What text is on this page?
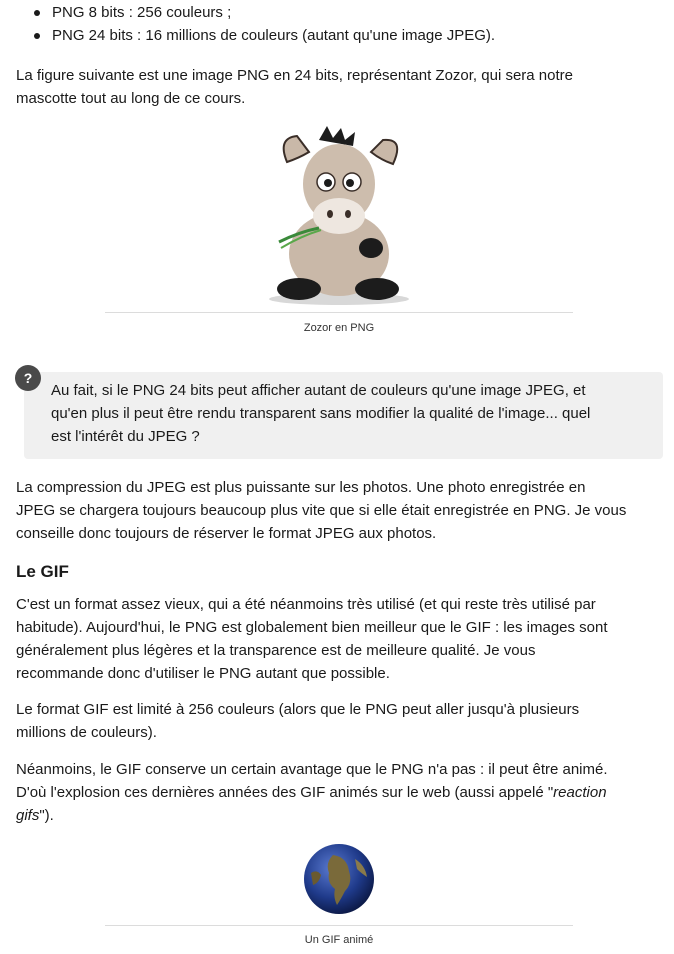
PNG 8 bits : 256 couleurs ;
PNG 24 bits : 16 millions de couleurs (autant qu'une image JPEG).
La figure suivante est une image PNG en 24 bits, représentant Zozor, qui sera notre
mascotte tout au long de ce cours.
Zozor en PNG

Au fait, si le PNG 24 bits peut afficher autant de couleurs qu'une image JPEG, et
qu'en plus il peut être rendu transparent sans modifier la qualité de l'image... quel
est l'intérêt du JPEG ?

?
La compression du JPEG est plus puissante sur les photos. Une photo enregistrée en
JPEG se chargera toujours beaucoup plus vite que si elle était enregistrée en PNG. Je vous
conseille donc toujours de réserver le format JPEG aux photos.
Le GIF
C'est un format assez vieux, qui a été néanmoins très utilisé (et qui reste très utilisé par
habitude). Aujourd'hui, le PNG est globalement bien meilleur que le GIF : les images sont
généralement plus légères et la transparence est de meilleure qualité. Je vous
recommande donc d'utiliser le PNG autant que possible.
Le format GIF est limité à 256 couleurs (alors que le PNG peut aller jusqu'à plusieurs
millions de couleurs).
Néanmoins, le GIF conserve un certain avantage que le PNG n'a pas : il peut être animé.
D'où l'explosion ces dernières années des GIF animés sur le web (aussi appelé "reaction
gifs").
Un GIF animé
